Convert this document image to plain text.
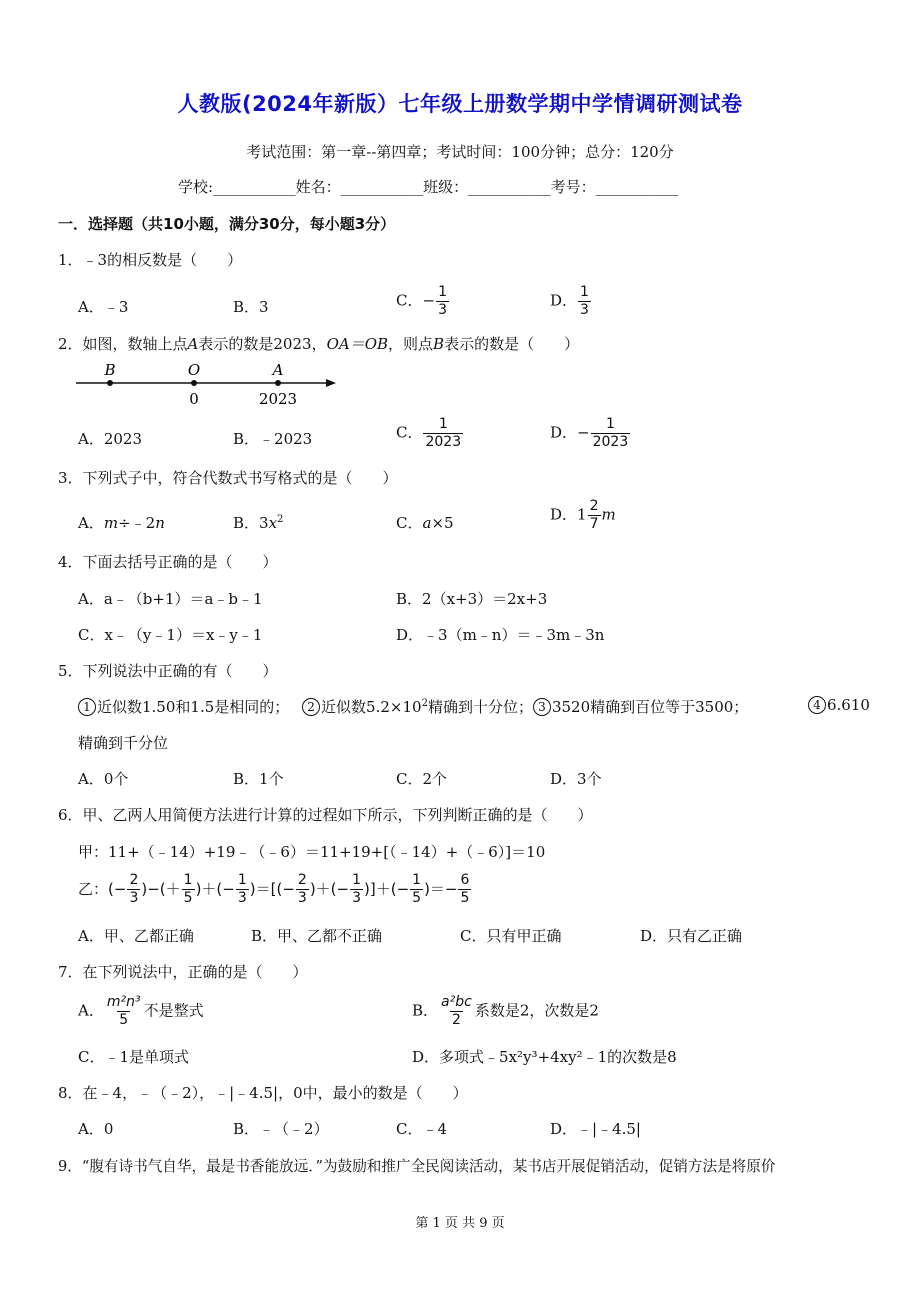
人教版(2024年新版）七年级上册数学期中学情调研测试卷
考试范围：第一章--第四章；考试时间：100分钟；总分：120分
学校:___________姓名：___________班级：___________考号：___________
一．选择题（共10小题，满分30分，每小题3分）
1．﹣3的相反数是（　　）
A．﹣3	B．3	C．− $\frac{1}{3}$	D． $\frac{1}{3}$
2．如图，数轴上点A表示的数是2023，OA＝OB，则点B表示的数是（　　）
B	O	A
0	2023
A．2023	B．﹣2023	C． $\frac{1}{2023}$	D．− $\frac{1}{2023}$
3．下列式子中，符合代数式书写格式的是（　　）
A．m÷﹣2n	B．$3x^2$	C．a×5	D．$1 \frac{2}{7}$ m
4．下面去括号正确的是（　　）
A．a﹣（b+1）＝a﹣b﹣1	B．2（x+3）＝2x+3
C．x﹣（y﹣1）＝x﹣y﹣1	D．﹣3（m﹣n）＝﹣3m﹣3n
5．下列说法中正确的有（　　）
1 近似数1.50和1.5是相同的； 2 近似数$5.2\times 10^2$精确到十分位； 3 3520精确到百位等于3500；	4 6.610
精确到千分位
A．0个	B．1个	C．2个	D．3个
6．甲、乙两人用简便方法进行计算的过程如下所示，下列判断正确的是（　　）
甲：11+（﹣14）+19﹣（﹣6）＝11+19+[（﹣14）+（﹣6）]＝10
乙：(− $\frac{2}{3}$ )−(＋ $\frac{1}{5}$ )＋(− $\frac{1}{3}$ )＝[(− $\frac{2}{3}$ )＋(− $\frac{1}{3}$ )]＋(− $\frac{1}{5}$ )＝− $\frac{6}{5}$
A．甲、乙都正确	B．甲、乙都不正确	C．只有甲正确	D．只有乙正确
7．在下列说法中，正确的是（　　）
A． $\frac{\text{m²n³}}{5}$ 不是整式	B． $\frac{\text{a²bc}}{2}$ 系数是2，次数是2
C．﹣1是单项式	D．多项式﹣5x²y³+4xy²﹣1的次数是8
8．在﹣4，﹣（﹣2），﹣|﹣4.5|，0中，最小的数是（　　）
A．0	B．﹣（﹣2）	C．﹣4	D．﹣|﹣4.5|
9．“腹有诗书气自华，最是书香能放远．”为鼓励和推广全民阅读活动，某书店开展促销活动，促销方法是将原价
第 1 页 共 9 页
